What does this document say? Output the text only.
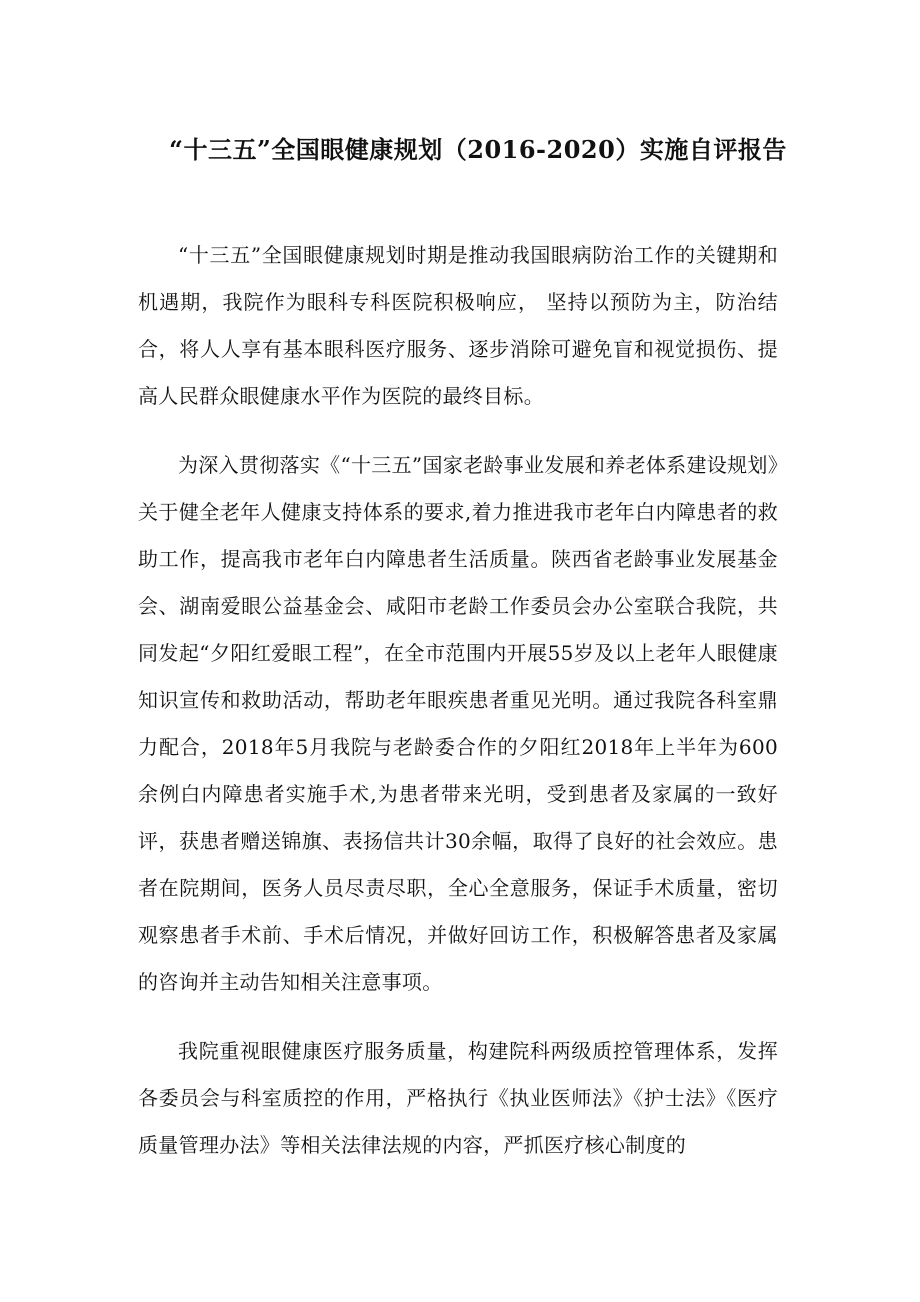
“十三五”全国眼健康规划（2016-2020）实施自评报告

“十三五”全国眼健康规划时期是推动我国眼病防治工作的关键期和机遇期，我院作为眼科专科医院积极响应， 坚持以预防为主，防治结合，将人人享有基本眼科医疗服务、逐步消除可避免盲和视觉损伤、提高人民群众眼健康水平作为医院的最终目标。

为深入贯彻落实《“十三五”国家老龄事业发展和养老体系建设规划》关于健全老年人健康支持体系的要求,着力推进我市老年白内障患者的救助工作，提高我市老年白内障患者生活质量。陕西省老龄事业发展基金会、湖南爱眼公益基金会、咸阳市老龄工作委员会办公室联合我院，共同发起“夕阳红爱眼工程”，在全市范围内开展55岁及以上老年人眼健康知识宣传和救助活动，帮助老年眼疾患者重见光明。通过我院各科室鼎力配合，2018年5月我院与老龄委合作的夕阳红2018年上半年为600余例白内障患者实施手术,为患者带来光明，受到患者及家属的一致好评，获患者赠送锦旗、表扬信共计30余幅，取得了良好的社会效应。患者在院期间，医务人员尽责尽职，全心全意服务，保证手术质量，密切观察患者手术前、手术后情况，并做好回访工作，积极解答患者及家属的咨询并主动告知相关注意事项。

我院重视眼健康医疗服务质量，构建院科两级质控管理体系，发挥各委员会与科室质控的作用，严格执行《执业医师法》《护士法》《医疗质量管理办法》等相关法律法规的内容，严抓医疗核心制度的
